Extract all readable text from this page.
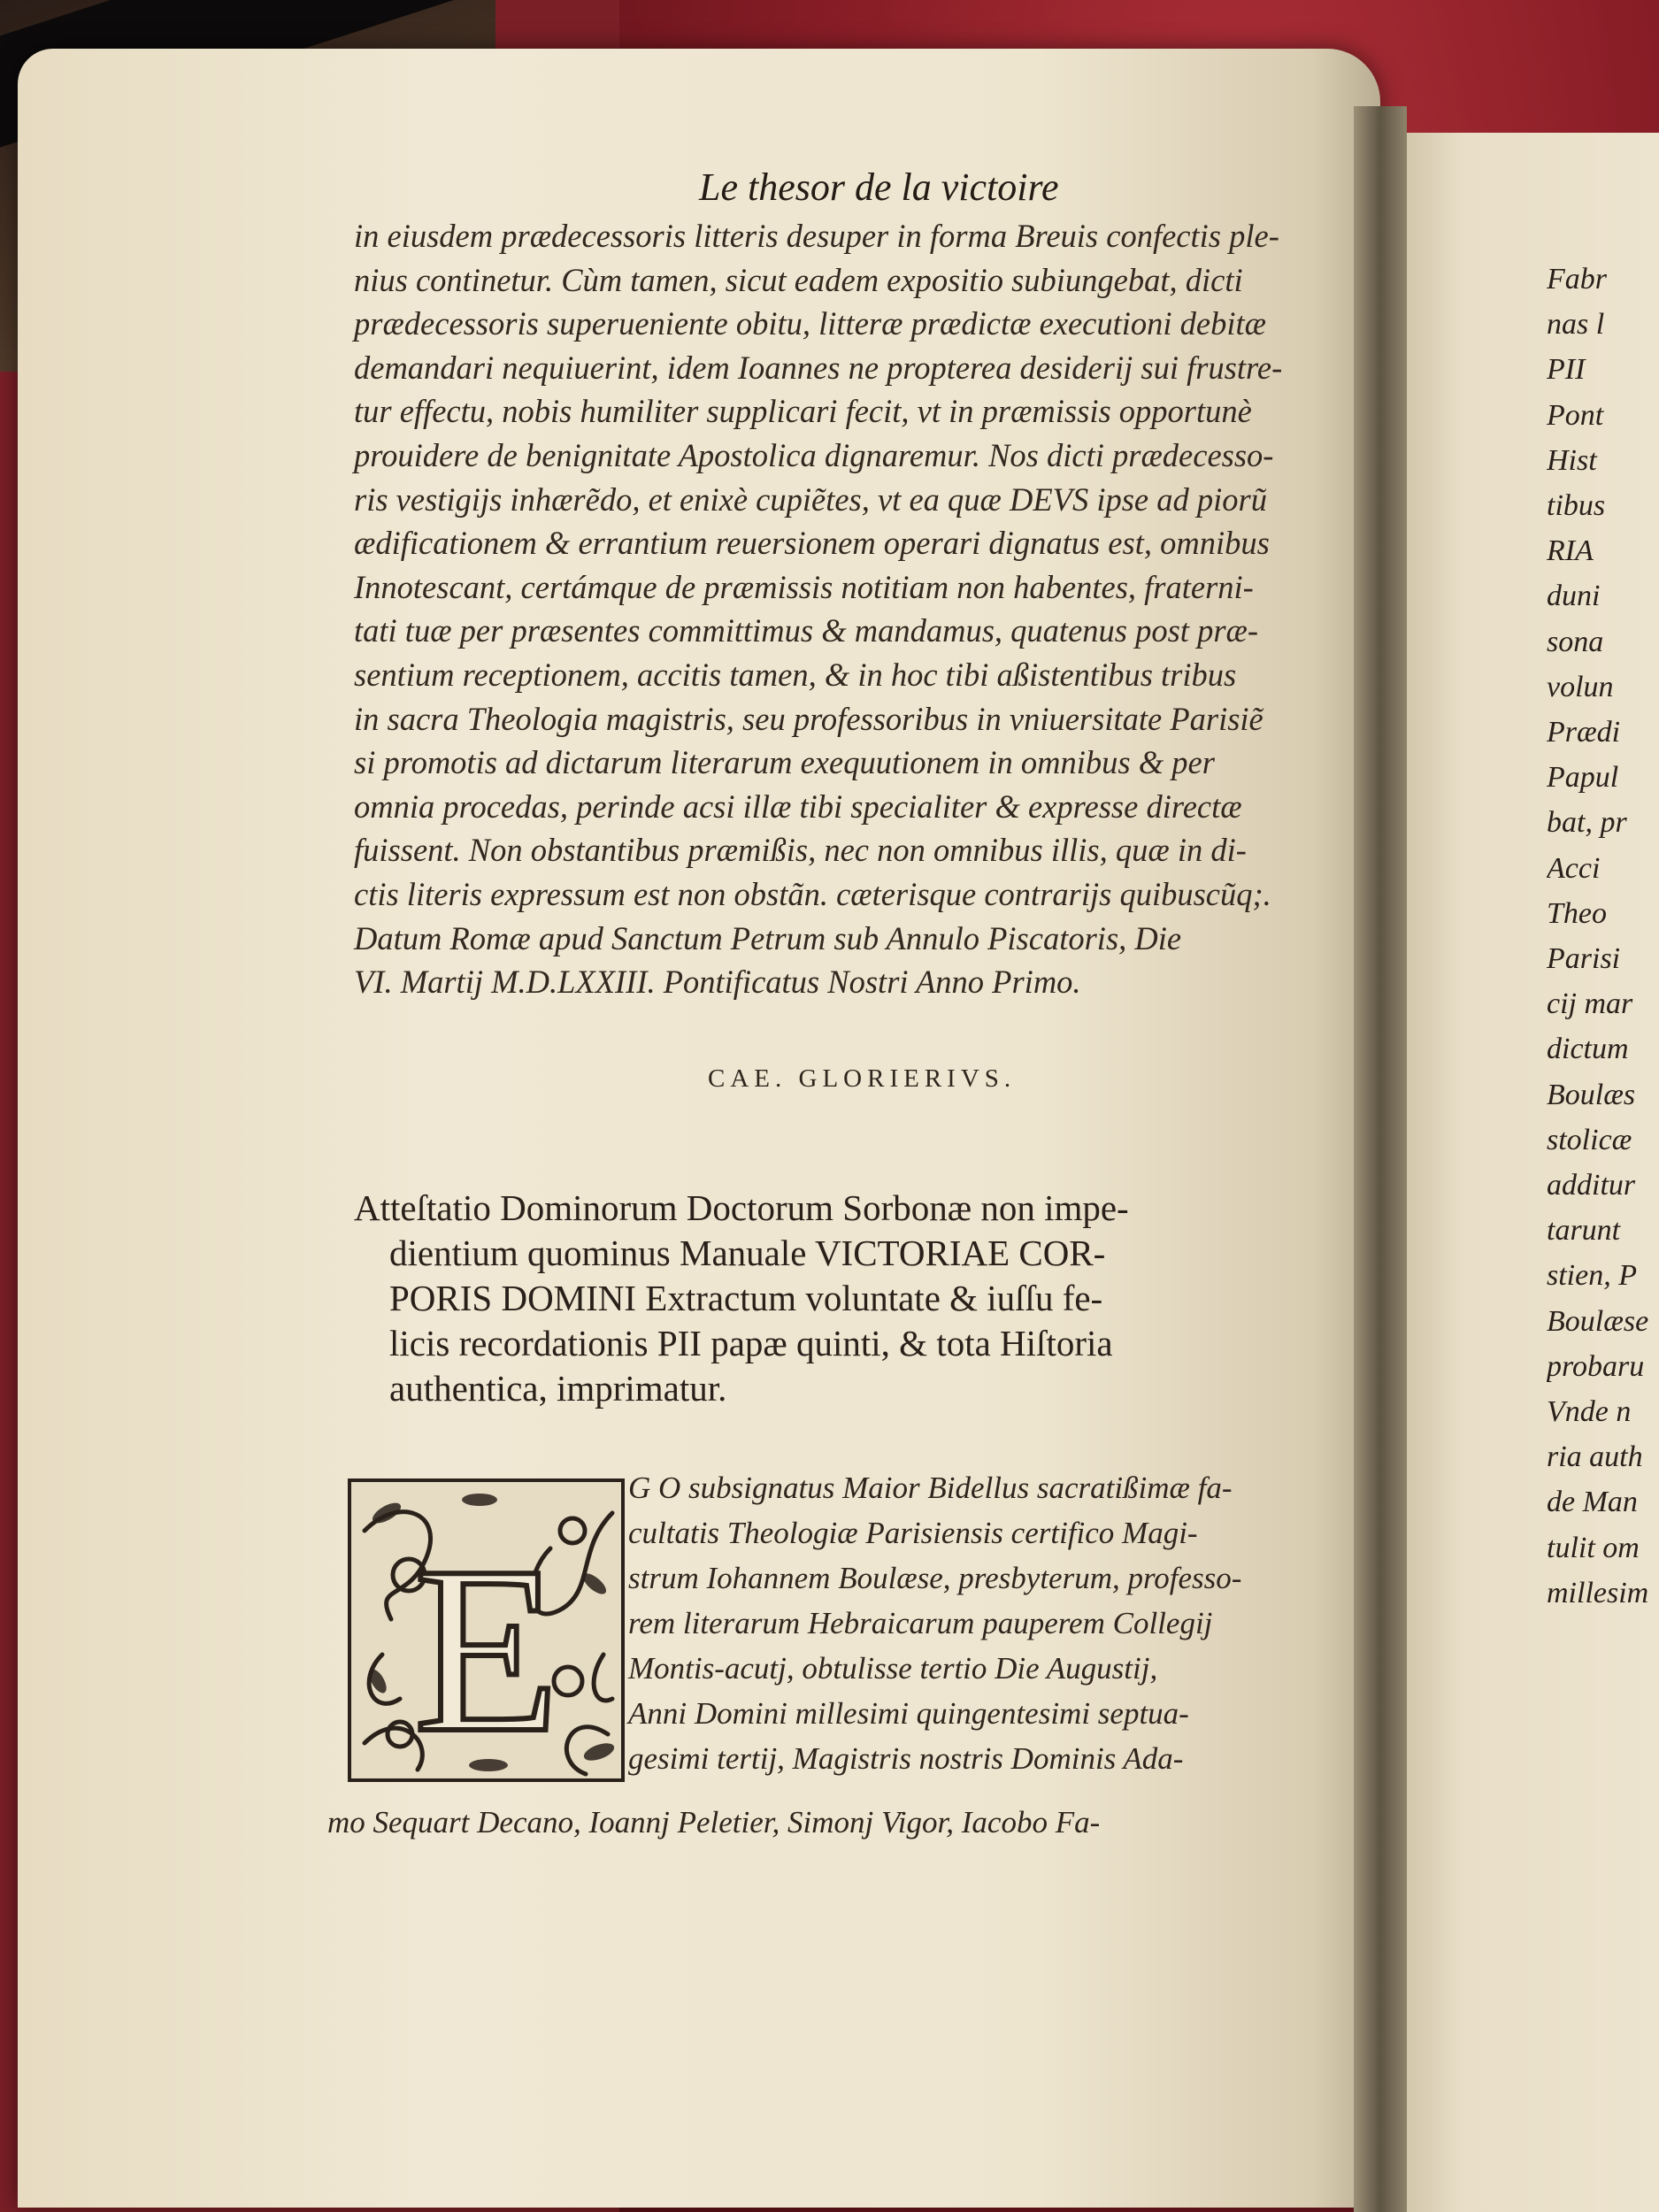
Fabr
nas l
PII
Pont
Hist
tibus
RIA
duni
sona
volun
Prædi
Papul
bat, pr
Acci
Theo
Parisi
cij mar
dictum
Boulæs
stolicæ
additur
tarunt
stien, P
Boulæse
probaru
Vnde n
ria auth
de Man
tulit om
millesim
Le thesor de la victoire
in eiusdem prædecessoris litteris desuper in forma Breuis confectis ple-
nius continetur. Cùm tamen, sicut eadem expositio subiungebat, dicti
prædecessoris superueniente obitu, litteræ prædictæ executioni debitæ
demandari nequiuerint, idem Ioannes ne propterea desiderij sui frustre-
tur effectu, nobis humiliter supplicari fecit, vt in præmissis opportunè
prouidere de benignitate Apostolica dignaremur. Nos dicti prædecesso-
ris vestigijs inhærẽdo, et enixè cupiẽtes, vt ea quæ DEVS ipse ad piorũ
ædificationem & errantium reuersionem operari dignatus est, omnibus
Innotescant, certámque de præmissis notitiam non habentes, fraterni-
tati tuæ per præsentes committimus & mandamus, quatenus post præ-
sentium receptionem, accitis tamen, & in hoc tibi aßistentibus tribus
in sacra Theologia magistris, seu professoribus in vniuersitate Parisiẽ
si promotis ad dictarum literarum exequutionem in omnibus & per
omnia procedas, perinde acsi illæ tibi specialiter & expresse directæ
fuissent. Non obstantibus præmißis, nec non omnibus illis, quæ in di-
ctis literis expressum est non obstãn. cæterisque contrarijs quibuscũq;.
Datum Romæ apud Sanctum Petrum sub Annulo Piscatoris, Die
VI. Martij M.D.LXXIII. Pontificatus Nostri Anno Primo.
CAE. GLORIERIVS.
Atteſtatio Dominorum Doctorum Sorbonæ non impe-
dientium quominus Manuale VICTORIAE COR-
PORIS DOMINI Extractum voluntate & iuſſu fe-
licis recordationis PII papæ quinti, & tota Hiſtoria
authentica, imprimatur.
E
G O subsignatus Maior Bidellus sacratißimæ fa-
cultatis Theologiæ Parisiensis certifico Magi-
strum Iohannem Boulæse, presbyterum, professo-
rem literarum Hebraicarum pauperem Collegij
Montis-acutj, obtulisse tertio Die Augustij,
Anni Domini millesimi quingentesimi septua-
gesimi tertij, Magistris nostris Dominis Ada-
mo Sequart Decano, Ioannj Peletier, Simonj Vigor, Iacobo Fa-
